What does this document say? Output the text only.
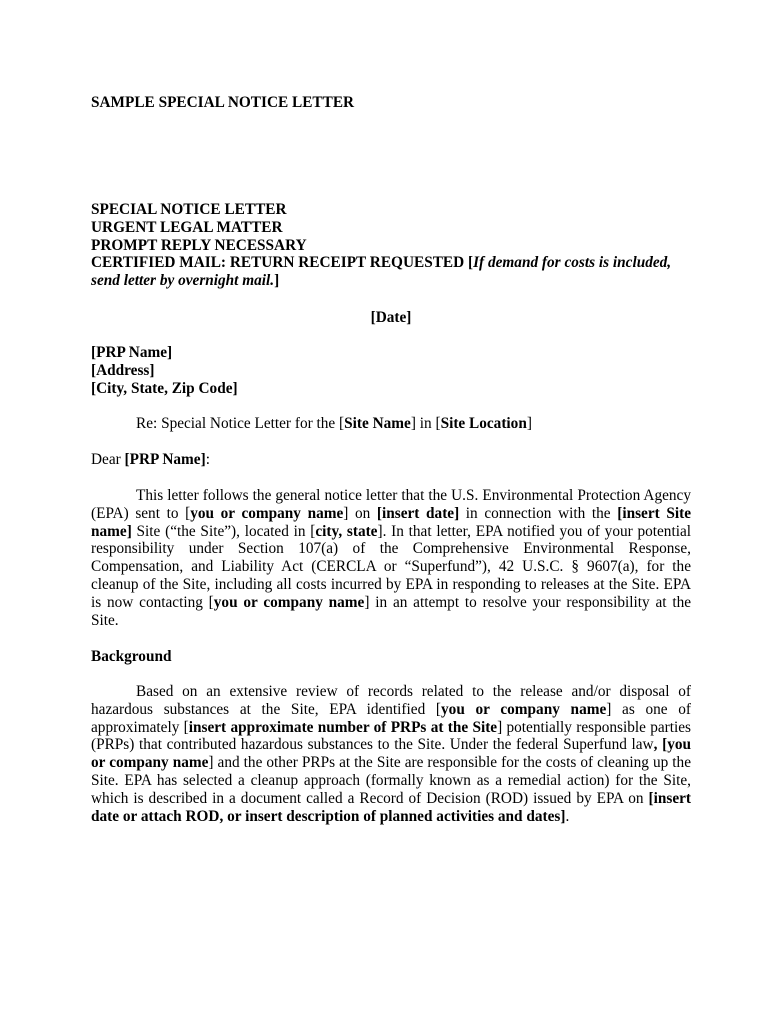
SAMPLE SPECIAL NOTICE LETTER

SPECIAL NOTICE LETTER
URGENT LEGAL MATTER
PROMPT REPLY NECESSARY
CERTIFIED MAIL: RETURN RECEIPT REQUESTED [If demand for costs is included, send letter by overnight mail.]

[Date]

[PRP Name]
[Address]
[City, State, Zip Code]

Re: Special Notice Letter for the [Site Name] in [Site Location]

Dear [PRP Name]:

This letter follows the general notice letter that the U.S. Environmental Protection Agency (EPA) sent to [you or company name] on [insert date] in connection with the [insert Site name] Site (“the Site”), located in [city, state]. In that letter, EPA notified you of your potential responsibility under Section 107(a) of the Comprehensive Environmental Response, Compensation, and Liability Act (CERCLA or “Superfund”), 42 U.S.C. § 9607(a), for the cleanup of the Site, including all costs incurred by EPA in responding to releases at the Site. EPA is now contacting [you or company name] in an attempt to resolve your responsibility at the Site.

Background

Based on an extensive review of records related to the release and/or disposal of hazardous substances at the Site, EPA identified [you or company name] as one of approximately [insert approximate number of PRPs at the Site] potentially responsible parties (PRPs) that contributed hazardous substances to the Site. Under the federal Superfund law, [you or company name] and the other PRPs at the Site are responsible for the costs of cleaning up the Site. EPA has selected a cleanup approach (formally known as a remedial action) for the Site, which is described in a document called a Record of Decision (ROD) issued by EPA on [insert date or attach ROD, or insert description of planned activities and dates].
